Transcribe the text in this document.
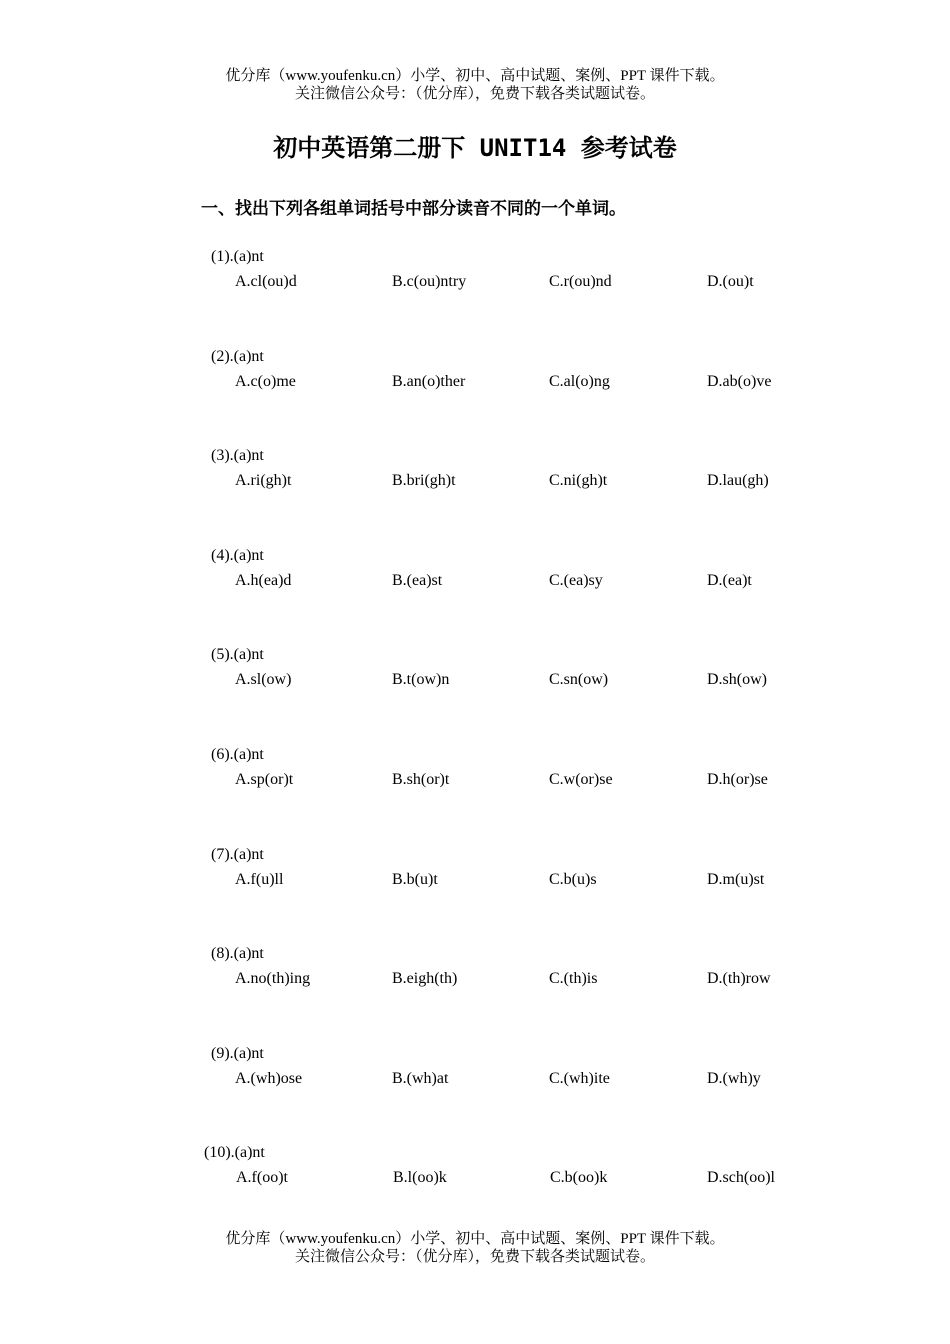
优分库（www.youfenku.cn）小学、初中、高中试题、案例、PPT 课件下载。
关注微信公众号：（优分库），免费下载各类试题试卷。
初中英语第二册下 UNIT14 参考试卷
一、找出下列各组单词括号中部分读音不同的一个单词。
(1).(a)nt
A.cl(ou)d	B.c(ou)ntry	C.r(ou)nd	D.(ou)t
(2).(a)nt
A.c(o)me	B.an(o)ther	C.al(o)ng	D.ab(o)ve
(3).(a)nt
A.ri(gh)t	B.bri(gh)t	C.ni(gh)t	D.lau(gh)
(4).(a)nt
A.h(ea)d	B.(ea)st	C.(ea)sy	D.(ea)t
(5).(a)nt
A.sl(ow)	B.t(ow)n	C.sn(ow)	D.sh(ow)
(6).(a)nt
A.sp(or)t	B.sh(or)t	C.w(or)se	D.h(or)se
(7).(a)nt
A.f(u)ll	B.b(u)t	C.b(u)s	D.m(u)st
(8).(a)nt
A.no(th)ing	B.eigh(th)	C.(th)is	D.(th)row
(9).(a)nt
A.(wh)ose	B.(wh)at	C.(wh)ite	D.(wh)y
(10).(a)nt
A.f(oo)t	B.l(oo)k	C.b(oo)k	D.sch(oo)l
优分库（www.youfenku.cn）小学、初中、高中试题、案例、PPT 课件下载。
关注微信公众号：（优分库），免费下载各类试题试卷。
